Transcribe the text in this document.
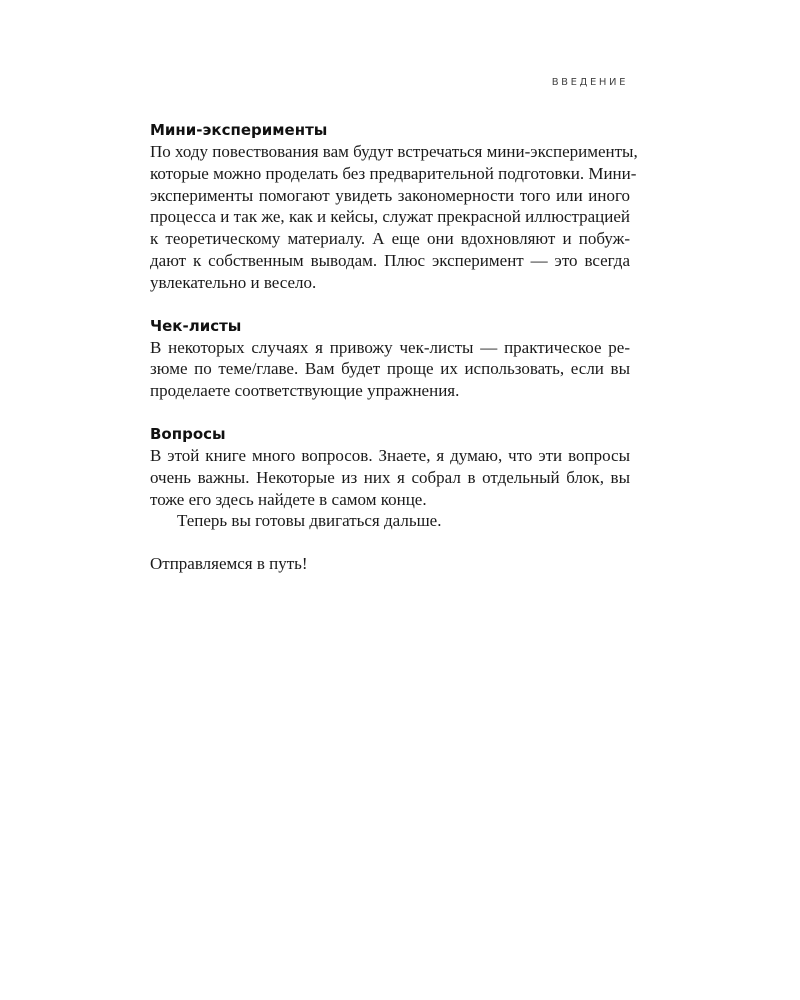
ВВЕДЕНИЕ
Мини-эксперименты

По ходу повествования вам будут встречаться мини-эксперименты,
которые можно проделать без предварительной подготовки. Мини-
эксперименты помогают увидеть закономерности того или иного
процесса и так же, как и кейсы, служат прекрасной иллюстрацией
к теоретическому материалу. А еще они вдохновляют и побуж-
дают к собственным выводам. Плюс эксперимент — это всегда
увлекательно и весело.

Чек-листы

В некоторых случаях я привожу чек-листы — практическое ре-
зюме по теме/главе. Вам будет проще их использовать, если вы
проделаете соответствующие упражнения.

Вопросы

В этой книге много вопросов. Знаете, я думаю, что эти вопросы
очень важны. Некоторые из них я собрал в отдельный блок, вы
тоже его здесь найдете в самом конце.

Теперь вы готовы двигаться дальше.

Отправляемся в путь!
